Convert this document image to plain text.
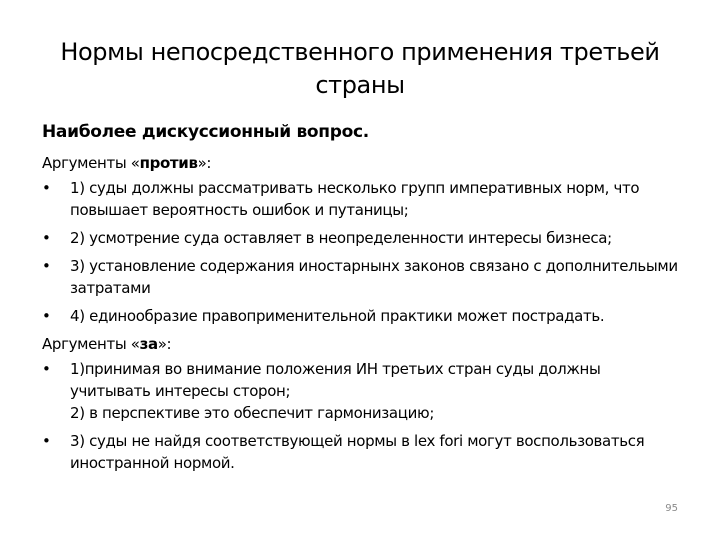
Нормы непосредственного применения третьей страны
Наиболее дискуссионный вопрос.

Аргументы «против»:

•	1) суды должны рассматривать несколько групп императивных норм, что повышает вероятность ошибок и путаницы;
•	2) усмотрение суда оставляет в неопределенности интересы бизнеса;
•	3) установление содержания иностарнынх законов связано с дополнительыми затратами
•	4) единообразие правоприменительной практики может пострадать.

Аргументы «за»:

•	1)принимая во внимание положения ИН третьих стран суды должны учитывать интересы сторон;
2) в перспективе это обеспечит гармонизацию;
•	3) суды не найдя соответствующей нормы в lex fori могут воспользоваться иностранной нормой.
95
